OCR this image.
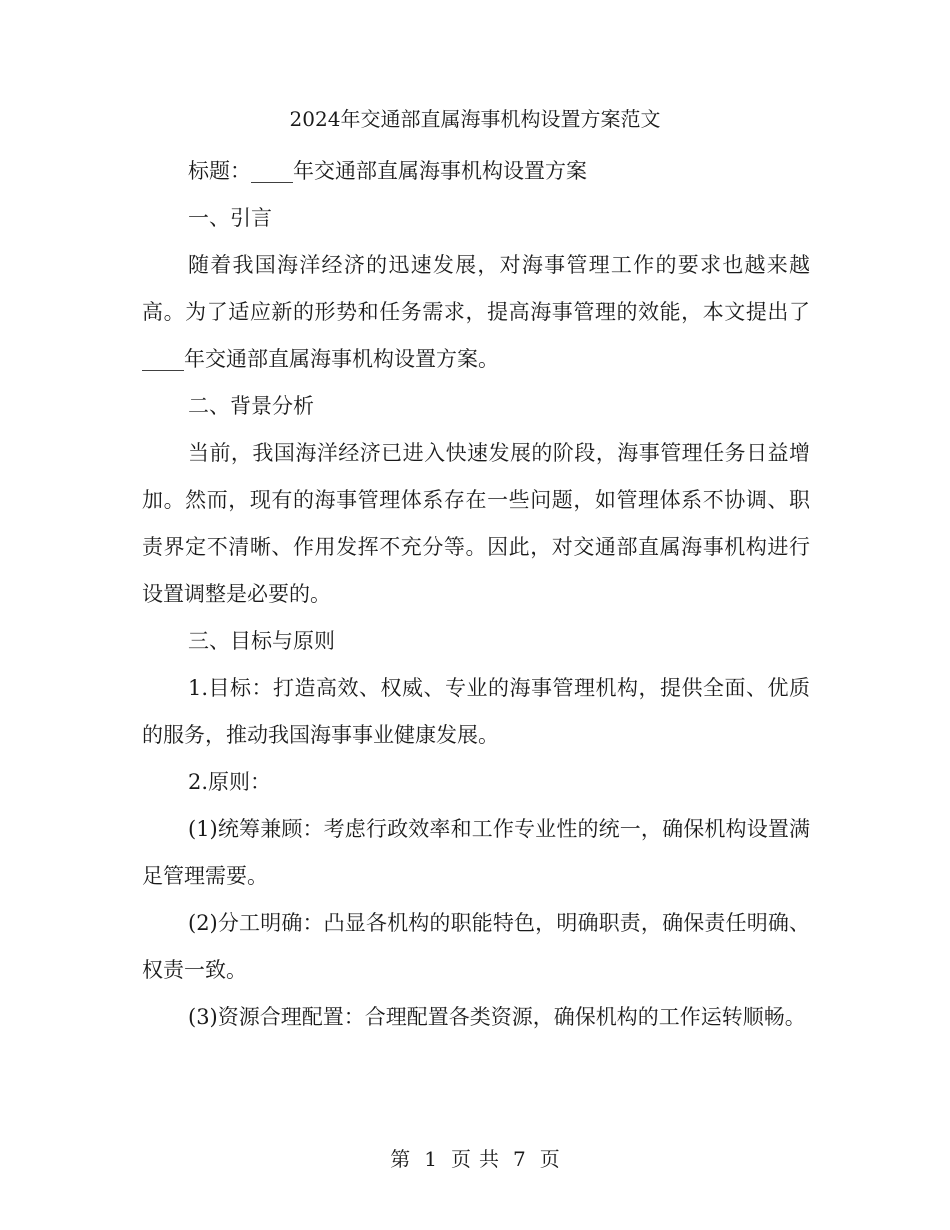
2024年交通部直属海事机构设置方案范文

标题：____年交通部直属海事机构设置方案

一、引言

随着我国海洋经济的迅速发展，对海事管理工作的要求也越来越高。为了适应新的形势和任务需求，提高海事管理的效能，本文提出了____年交通部直属海事机构设置方案。

二、背景分析

当前，我国海洋经济已进入快速发展的阶段，海事管理任务日益增加。然而，现有的海事管理体系存在一些问题，如管理体系不协调、职责界定不清晰、作用发挥不充分等。因此，对交通部直属海事机构进行设置调整是必要的。

三、目标与原则

1.目标：打造高效、权威、专业的海事管理机构，提供全面、优质的服务，推动我国海事事业健康发展。

2.原则：

(1)统筹兼顾：考虑行政效率和工作专业性的统一，确保机构设置满足管理需要。

(2)分工明确：凸显各机构的职能特色，明确职责，确保责任明确、权责一致。

(3)资源合理配置：合理配置各类资源，确保机构的工作运转顺畅。

第 1 页 共 7 页
